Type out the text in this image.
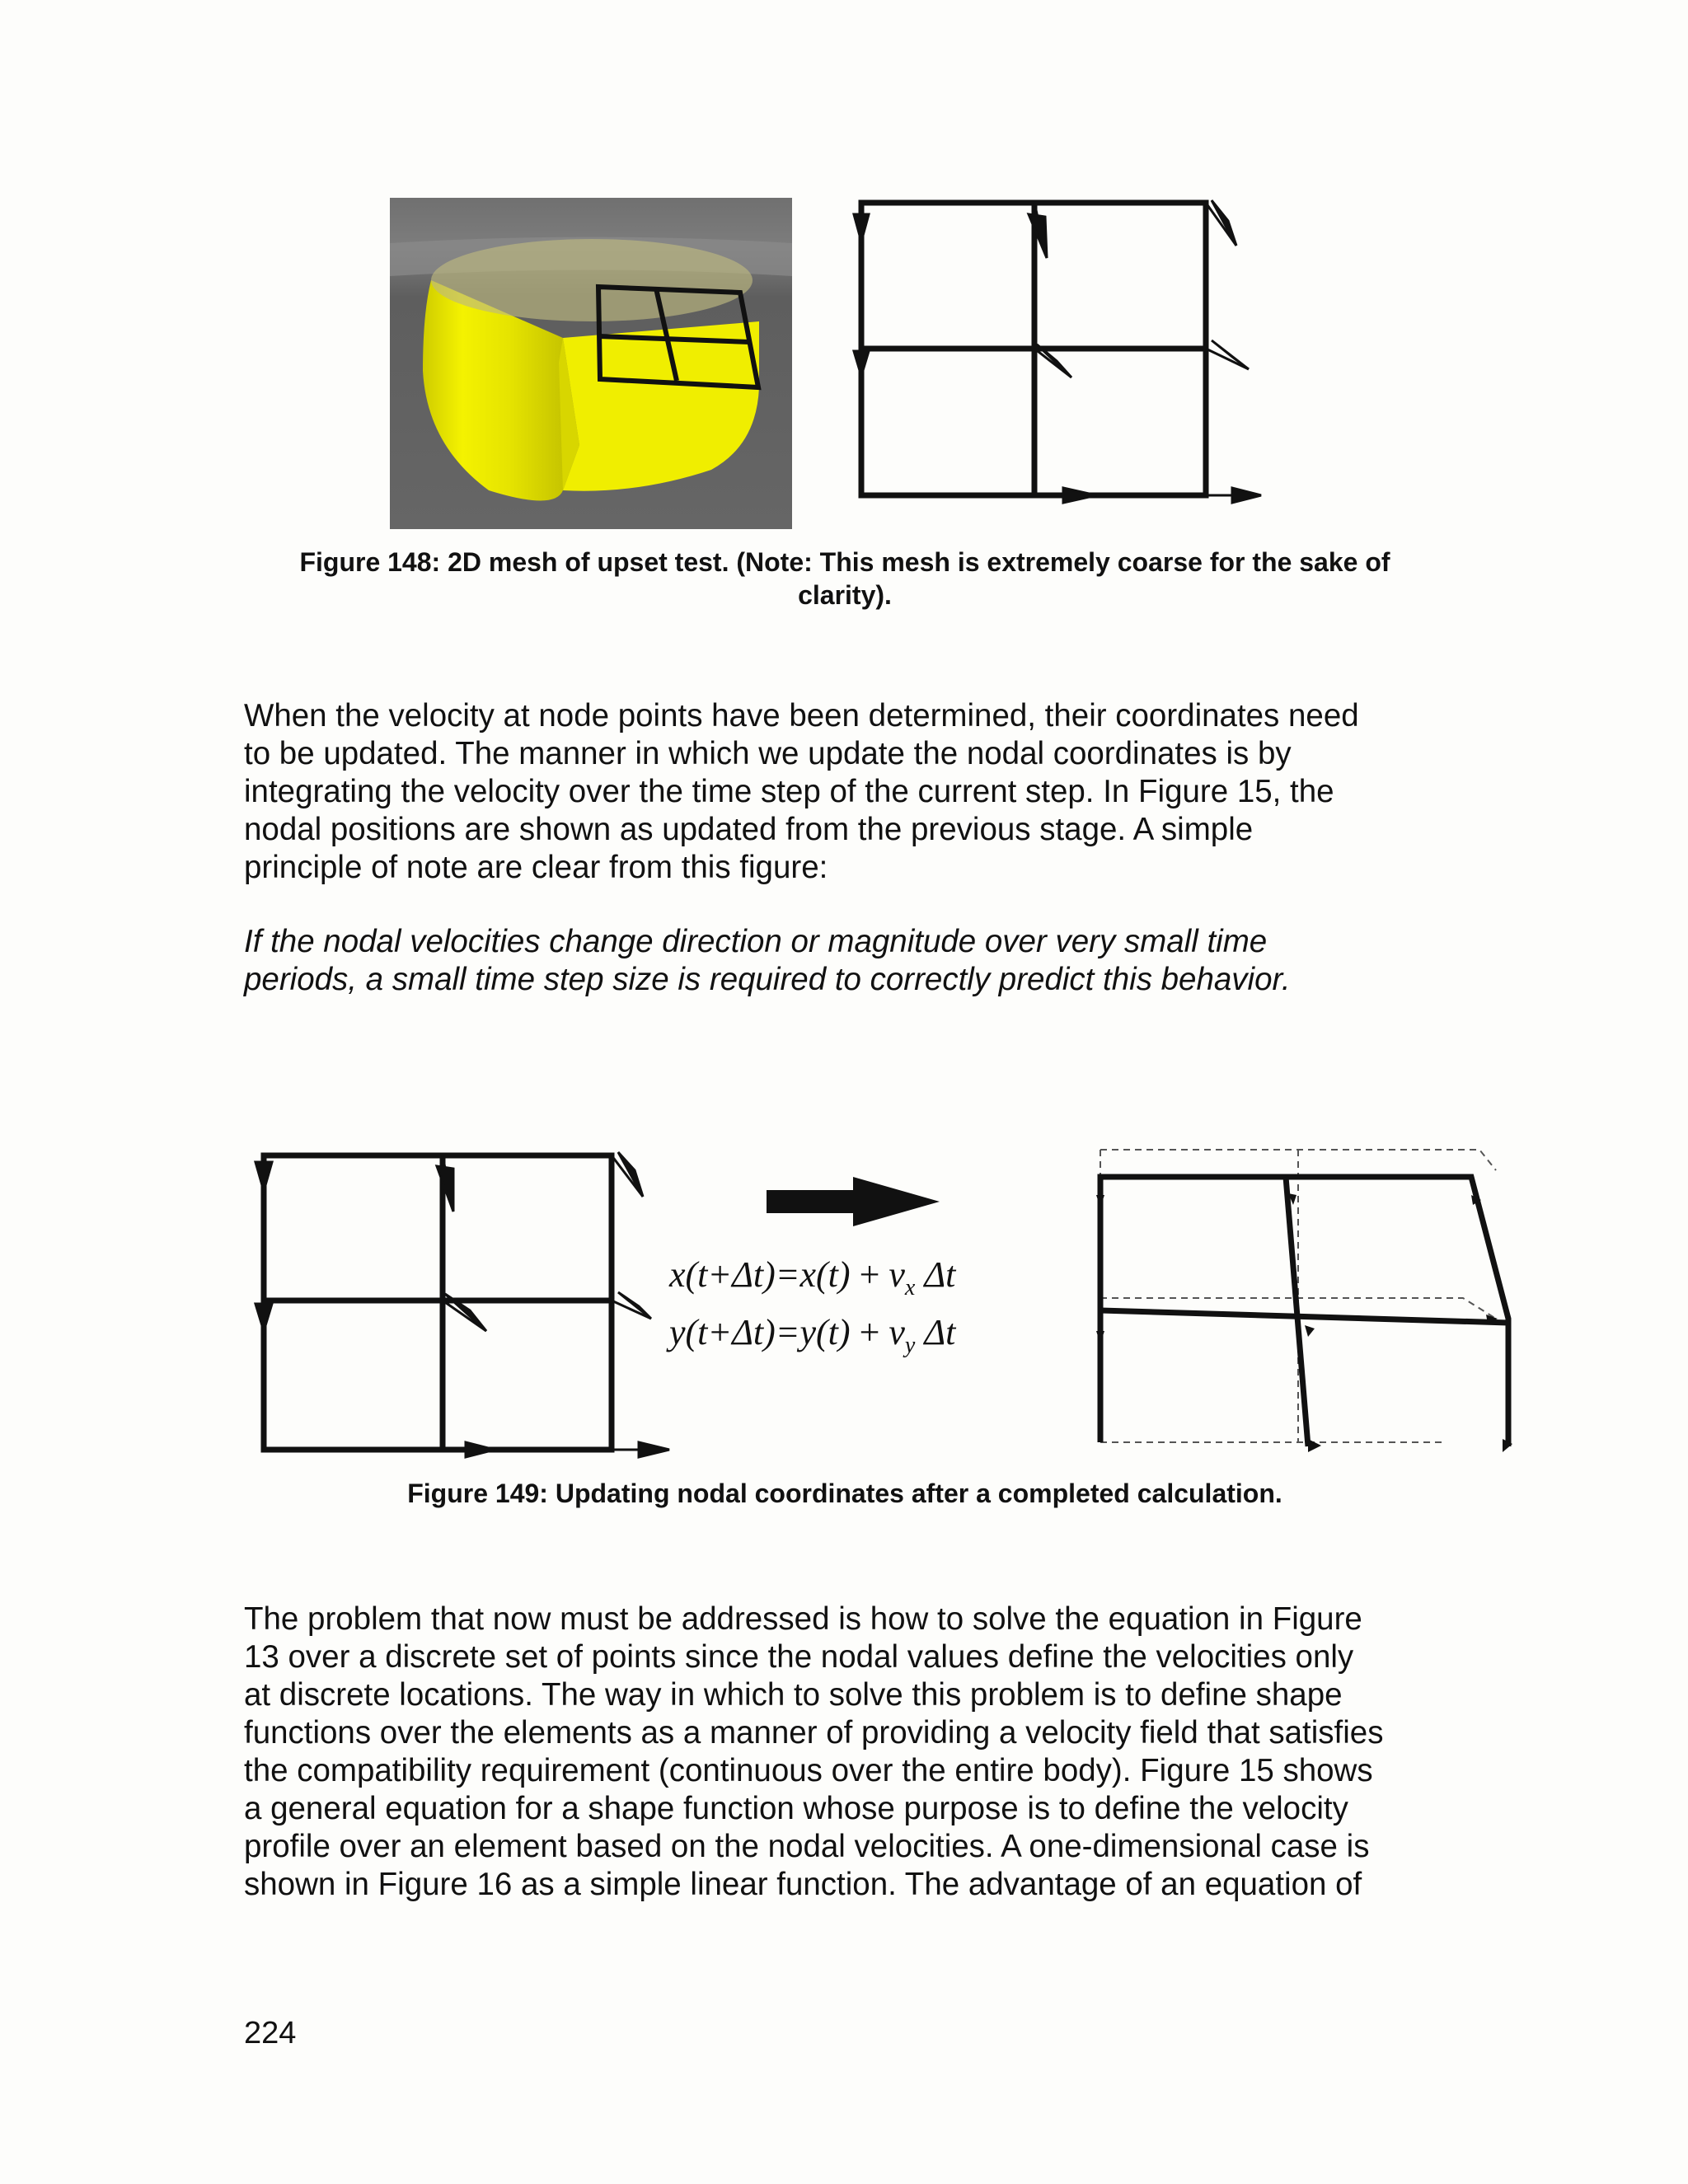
Figure 148: 2D mesh of upset test. (Note: This mesh is extremely coarse for the sake of
clarity).
When the velocity at node points have been determined, their coordinates need
to be updated. The manner in which we update the nodal coordinates is by
integrating the velocity over the time step of the current step. In Figure 15, the
nodal positions are shown as updated from the previous stage. A simple
principle of note are clear from this figure:
If the nodal velocities change direction or magnitude over very small time
periods, a small time step size is required to correctly predict this behavior.
$x(t+\Delta t)=x(t) + v_x$ Δt
$y(t+\Delta t)=y(t) + v_y$ Δt
Figure 149: Updating nodal coordinates after a completed calculation.
The problem that now must be addressed is how to solve the equation in Figure
13 over a discrete set of points since the nodal values define the velocities only
at discrete locations. The way in which to solve this problem is to define shape
functions over the elements as a manner of providing a velocity field that satisfies
the compatibility requirement (continuous over the entire body). Figure 15 shows
a general equation for a shape function whose purpose is to define the velocity
profile over an element based on the nodal velocities. A one-dimensional case is
shown in Figure 16 as a simple linear function. The advantage of an equation of
224
